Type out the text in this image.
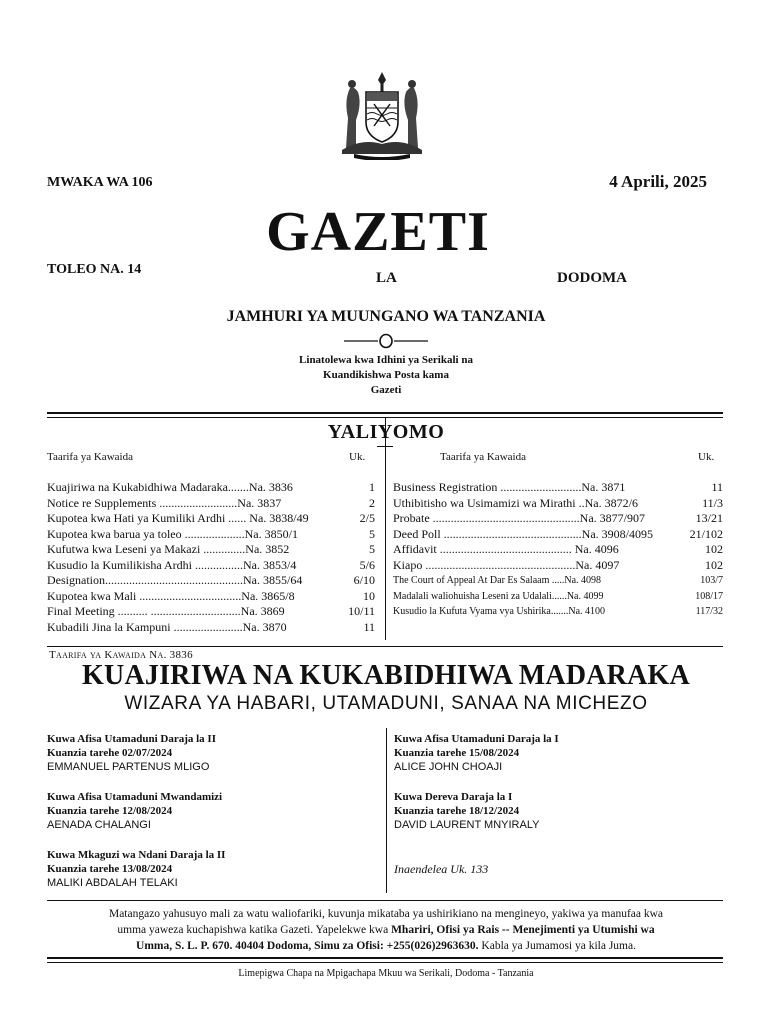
MWAKA WA 106	4 Aprili, 2025
GAZETI
TOLEO NA. 14
LA	DODOMA
JAMHURI YA MUUNGANO WA TANZANIA
Linatolewa kwa Idhini ya Serikali na
Kuandikishwa Posta kama
Gazeti
YALIYOMO
Taarifa ya Kawaida	Uk.	Taarifa ya Kawaida	Uk.
Kuajiriwa na Kukabidhiwa Madaraka.......Na. 3836	1
Notice re Supplements ..........................Na. 3837	2
Kupotea kwa Hati ya Kumiliki Ardhi ...... Na. 3838/49	2/5
Kupotea kwa barua ya toleo ....................Na. 3850/1	5
Kufutwa kwa Leseni ya Makazi ..............Na. 3852	5
Kusudio la Kumilikisha Ardhi ................Na. 3853/4	5/6
Designation..............................................Na. 3855/64	6/10
Kupotea kwa Mali ..................................Na. 3865/8	10
Final Meeting .......... ..............................Na. 3869	10/11
Kubadili Jina la Kampuni .......................Na. 3870	11
Business Registration ...........................Na. 3871	11
Uthibitisho wa Usimamizi wa Mirathi ..Na. 3872/6	11/3
Probate .................................................Na. 3877/907	13/21
Deed Poll ..............................................Na. 3908/4095	21/102
Affidavit ............................................ Na. 4096	102
Kiapo ..................................................Na. 4097	102
The Court of Appeal At Dar Es Salaam .....Na. 4098	103/7
Madalali waliohuisha Leseni za Udalali......Na. 4099	108/17
Kusudio la Kufuta Vyama vya Ushirika.......Na. 4100	117/32
Taarifa ya Kawaida Na. 3836
KUAJIRIWA NA KUKABIDHIWA MADARAKA
WIZARA YA HABARI, UTAMADUNI, SANAA NA MICHEZO
Kuwa Afisa Utamaduni Daraja la II
Kuanzia tarehe 02/07/2024
EMMANUEL PARTENUS MLIGO
Kuwa Afisa Utamaduni Mwandamizi
Kuanzia tarehe 12/08/2024
AENADA CHALANGI
Kuwa Mkaguzi wa Ndani Daraja la II
Kuanzia tarehe 13/08/2024
MALIKI ABDALAH TELAKI
Kuwa Afisa Utamaduni Daraja la I
Kuanzia tarehe 15/08/2024
ALICE JOHN CHOAJI
Kuwa Dereva Daraja la I
Kuanzia tarehe 18/12/2024
DAVID LAURENT MNYIRALY
Inaendelea Uk. 133
Matangazo yahusuyo mali za watu waliofariki, kuvunja mikataba ya ushirikiano na mengineyo, yakiwa ya manufaa kwa
umma yaweza kuchapishwa katika Gazeti. Yapelekwe kwa Mhariri, Ofisi ya Rais -- Menejimenti ya Utumishi wa
Umma, S. L. P. 670. 40404 Dodoma, Simu za Ofisi: +255(026)2963630. Kabla ya Jumamosi ya kila Juma.
Limepigwa Chapa na Mpigachapa Mkuu wa Serikali, Dodoma - Tanzania
